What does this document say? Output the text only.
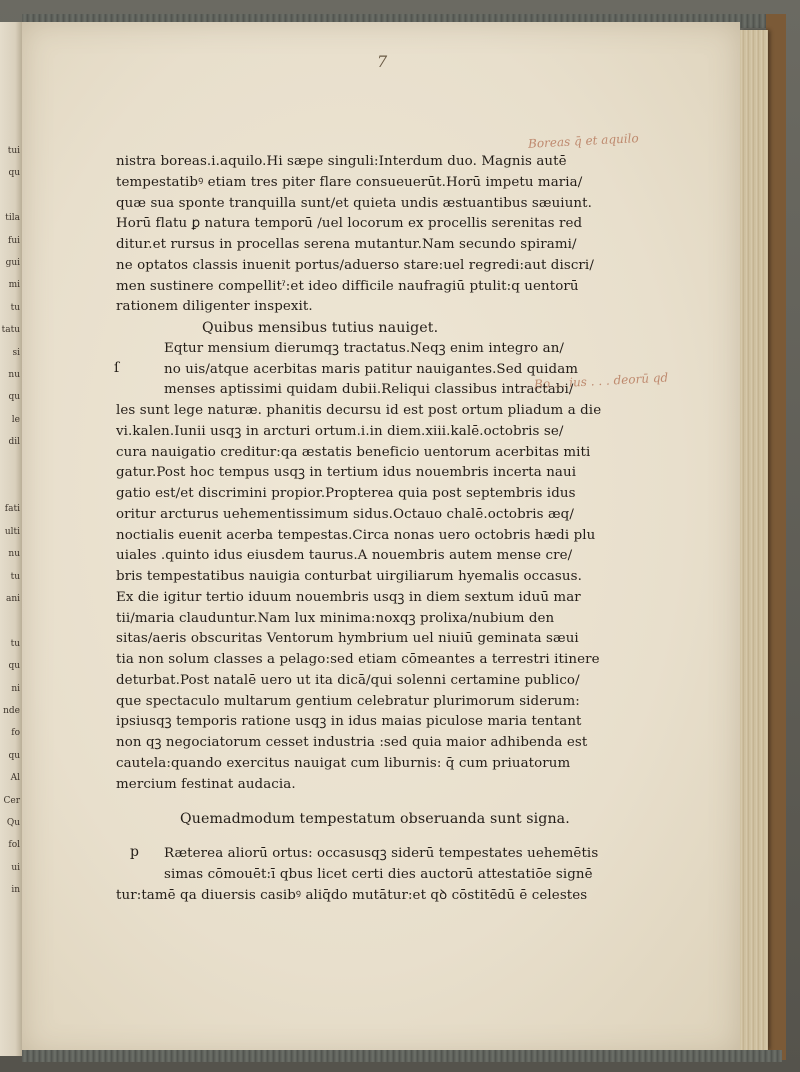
tui
qu
tila
fui
gui
mi
tu
tatu
si
nu
qu
le
dil
fati
ulti
nu
tu
ani
tu
qu
ni
nde
fo
qu
Al
Cer
Qu
fol
ui
in
7
Boreas q̄ et aquilo
Bo . . ius . . . deorū qd
nistra boreas.i.aquilo.Hi sæpe singuli:Interdum duo. Magnis autē
tempestatibꝰ etiam tres piter flare consueuerūt.Horū impetu maria/
quæ sua sponte tranquilla sunt/et quieta undis æstuantibus sæuiunt.
Horū flatu ꝑ natura temporū /uel locorum ex procellis serenitas red
ditur.et rursus in procellas serena mutantur.Nam secundo spirami/
ne optatos classis inuenit portus/aduerso stare:uel regredi:aut discri/
men sustinere compellitˀ:et ideo difficile naufragiū ptulit:q uentorū
rationem diligenter inspexit.
Quibus mensibus tutius nauiget.
ſ
Eqtur mensium dierumqꝫ tractatus.Neqꝫ enim integro an/
no uis/atque acerbitas maris patitur nauigantes.Sed quidam
menses aptissimi quidam dubii.Reliqui classibus intractabi/
les sunt lege naturæ. phanitis decursu id est post ortum pliadum a die
vi.kalen.Iunii usqꝫ in arcturi ortum.i.in diem.xiii.kalē.octobris se/
cura nauigatio creditur:qa æstatis beneficio uentorum acerbitas miti
gatur.Post hoc tempus usqꝫ in tertium idus nouembris incerta naui
gatio est/et discrimini propior.Propterea quia post septembris idus
oritur arcturus uehementissimum sidus.Octauo chalē.octobris æq/
noctialis euenit acerba tempestas.Circa nonas uero octobris hædi plu
uiales .quinto idus eiusdem taurus.A nouembris autem mense cre/
bris tempestatibus nauigia conturbat uirgiliarum hyemalis occasus.
Ex die igitur tertio iduum nouembris usqꝫ in diem sextum iduū mar
tii/maria clauduntur.Nam lux minima:noxqꝫ prolixa/nubium den
sitas/aeris obscuritas Ventorum hymbrium uel niuiū geminata sæui
tia non solum classes a pelago:sed etiam cōmeantes a terrestri itinere
deturbat.Post natalē uero ut ita dicā/qui solenni certamine publico/
que spectaculo multarum gentium celebratur plurimorum siderum:
ipsiusqꝫ temporis ratione usqꝫ in idus maias piculose maria tentant
non qꝫ negociatorum cesset industria :sed quia maior adhibenda est
cautela:quando exercitus nauigat cum liburnis: q̄ cum priuatorum
mercium festinat audacia.
Quemadmodum tempestatum obseruanda sunt signa.
p Ræterea aliorū ortus: occasusqꝫ siderū tempestates uehemētis
simas cōmouēt:ī qbus licet certi dies auctorū attestatiōe signē
tur:tamē qa diuersis casibꝰ aliq̄do mutātur:et qꝺ cōstitēdū ē celestes
